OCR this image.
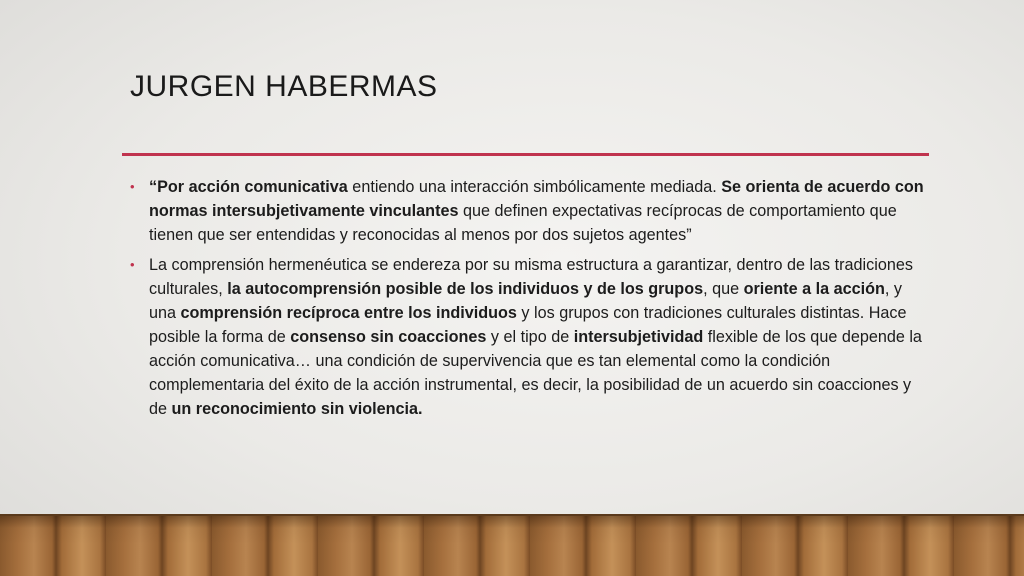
JURGEN HABERMAS
• “Por acción comunicativa entiendo una interacción simbólicamente mediada. Se orienta de acuerdo con normas intersubjetivamente vinculantes que definen expectativas recíprocas de comportamiento que tienen que ser entendidas y reconocidas al menos por dos sujetos agentes”
• La comprensión hermenéutica se endereza por su misma estructura a garantizar, dentro de las tradiciones culturales, la autocomprensión posible de los individuos y de los grupos, que oriente a la acción, y una comprensión recíproca entre los individuos y los grupos con tradiciones culturales distintas. Hace posible la forma de consenso sin coacciones y el tipo de intersubjetividad flexible de los que depende la acción comunicativa… una condición de supervivencia que es tan elemental como la condición complementaria del éxito de la acción instrumental, es decir, la posibilidad de un acuerdo sin coacciones y de un reconocimiento sin violencia.
